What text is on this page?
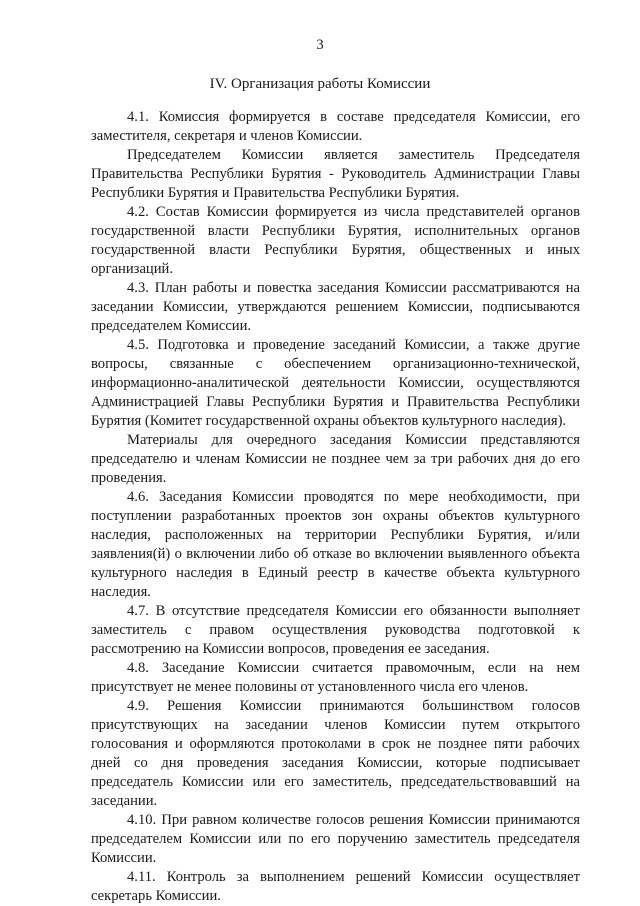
3
IV. Организация работы Комиссии

4.1. Комиссия формируется в составе председателя Комиссии, его заместителя, секретаря и членов Комиссии.

Председателем Комиссии является заместитель Председателя Правительства Республики Бурятия - Руководитель Администрации Главы Республики Бурятия и Правительства Республики Бурятия.

4.2. Состав Комиссии формируется из числа представителей органов государственной власти Республики Бурятия, исполнительных органов государственной власти Республики Бурятия, общественных и иных организаций.

4.3. План работы и повестка заседания Комиссии рассматриваются на заседании Комиссии, утверждаются решением Комиссии, подписываются председателем Комиссии.

4.5. Подготовка и проведение заседаний Комиссии, а также другие вопросы, связанные с обеспечением организационно-технической, информационно-аналитической деятельности Комиссии, осуществляются Администрацией Главы Республики Бурятия и Правительства Республики Бурятия (Комитет государственной охраны объектов культурного наследия).

Материалы для очередного заседания Комиссии представляются председателю и членам Комиссии не позднее чем за три рабочих дня до его проведения.

4.6. Заседания Комиссии проводятся по мере необходимости, при поступлении разработанных проектов зон охраны объектов культурного наследия, расположенных на территории Республики Бурятия, и/или заявления(й) о включении либо об отказе во включении выявленного объекта культурного наследия в Единый реестр в качестве объекта культурного наследия.

4.7. В отсутствие председателя Комиссии его обязанности выполняет заместитель с правом осуществления руководства подготовкой к рассмотрению на Комиссии вопросов, проведения ее заседания.

4.8. Заседание Комиссии считается правомочным, если на нем присутствует не менее половины от установленного числа его членов.

4.9. Решения Комиссии принимаются большинством голосов присутствующих на заседании членов Комиссии путем открытого голосования и оформляются протоколами в срок не позднее пяти рабочих дней со дня проведения заседания Комиссии, которые подписывает председатель Комиссии или его заместитель, председательствовавший на заседании.

4.10. При равном количестве голосов решения Комиссии принимаются председателем Комиссии или по его поручению заместитель председателя Комиссии.

4.11. Контроль за выполнением решений Комиссии осуществляет секретарь Комиссии.
